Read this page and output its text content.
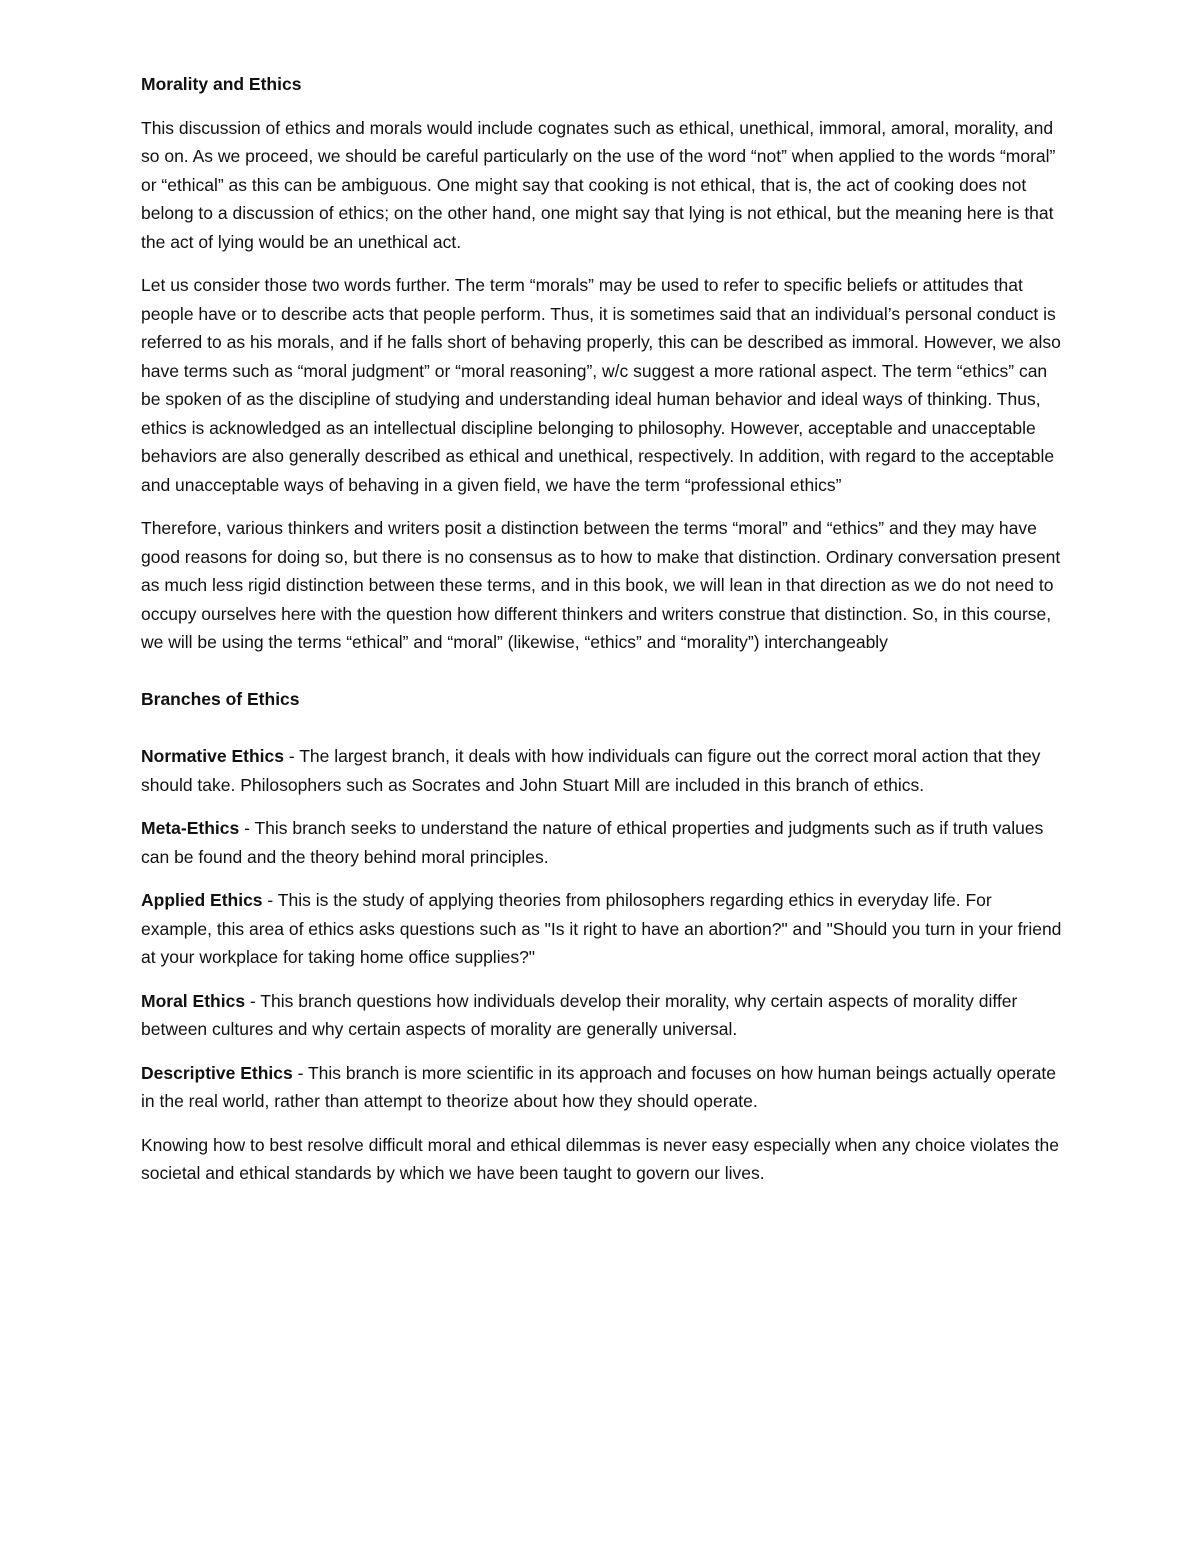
Morality and Ethics

This discussion of ethics and morals would include cognates such as ethical, unethical, immoral, amoral, morality, and so on. As we proceed, we should be careful particularly on the use of the word “not” when applied to the words “moral” or “ethical” as this can be ambiguous. One might say that cooking is not ethical, that is, the act of cooking does not belong to a discussion of ethics; on the other hand, one might say that lying is not ethical, but the meaning here is that the act of lying would be an unethical act.

Let us consider those two words further. The term “morals” may be used to refer to specific beliefs or attitudes that people have or to describe acts that people perform. Thus, it is sometimes said that an individual’s personal conduct is referred to as his morals, and if he falls short of behaving properly, this can be described as immoral. However, we also have terms such as “moral judgment” or “moral reasoning”, w/c suggest a more rational aspect. The term “ethics” can be spoken of as the discipline of studying and understanding ideal human behavior and ideal ways of thinking. Thus, ethics is acknowledged as an intellectual discipline belonging to philosophy. However, acceptable and unacceptable behaviors are also generally described as ethical and unethical, respectively. In addition, with regard to the acceptable and unacceptable ways of behaving in a given field, we have the term “professional ethics”

Therefore, various thinkers and writers posit a distinction between the terms “moral” and “ethics” and they may have good reasons for doing so, but there is no consensus as to how to make that distinction. Ordinary conversation present as much less rigid distinction between these terms, and in this book, we will lean in that direction as we do not need to occupy ourselves here with the question how different thinkers and writers construe that distinction. So, in this course, we will be using the terms “ethical” and “moral” (likewise, “ethics” and “morality”) interchangeably

Branches of Ethics

Normative Ethics - The largest branch, it deals with how individuals can figure out the correct moral action that they should take. Philosophers such as Socrates and John Stuart Mill are included in this branch of ethics.

Meta-Ethics - This branch seeks to understand the nature of ethical properties and judgments such as if truth values can be found and the theory behind moral principles.

Applied Ethics - This is the study of applying theories from philosophers regarding ethics in everyday life. For example, this area of ethics asks questions such as "Is it right to have an abortion?" and "Should you turn in your friend at your workplace for taking home office supplies?"

Moral Ethics - This branch questions how individuals develop their morality, why certain aspects of morality differ between cultures and why certain aspects of morality are generally universal.

Descriptive Ethics - This branch is more scientific in its approach and focuses on how human beings actually operate in the real world, rather than attempt to theorize about how they should operate.

Knowing how to best resolve difficult moral and ethical dilemmas is never easy especially when any choice violates the societal and ethical standards by which we have been taught to govern our lives.
